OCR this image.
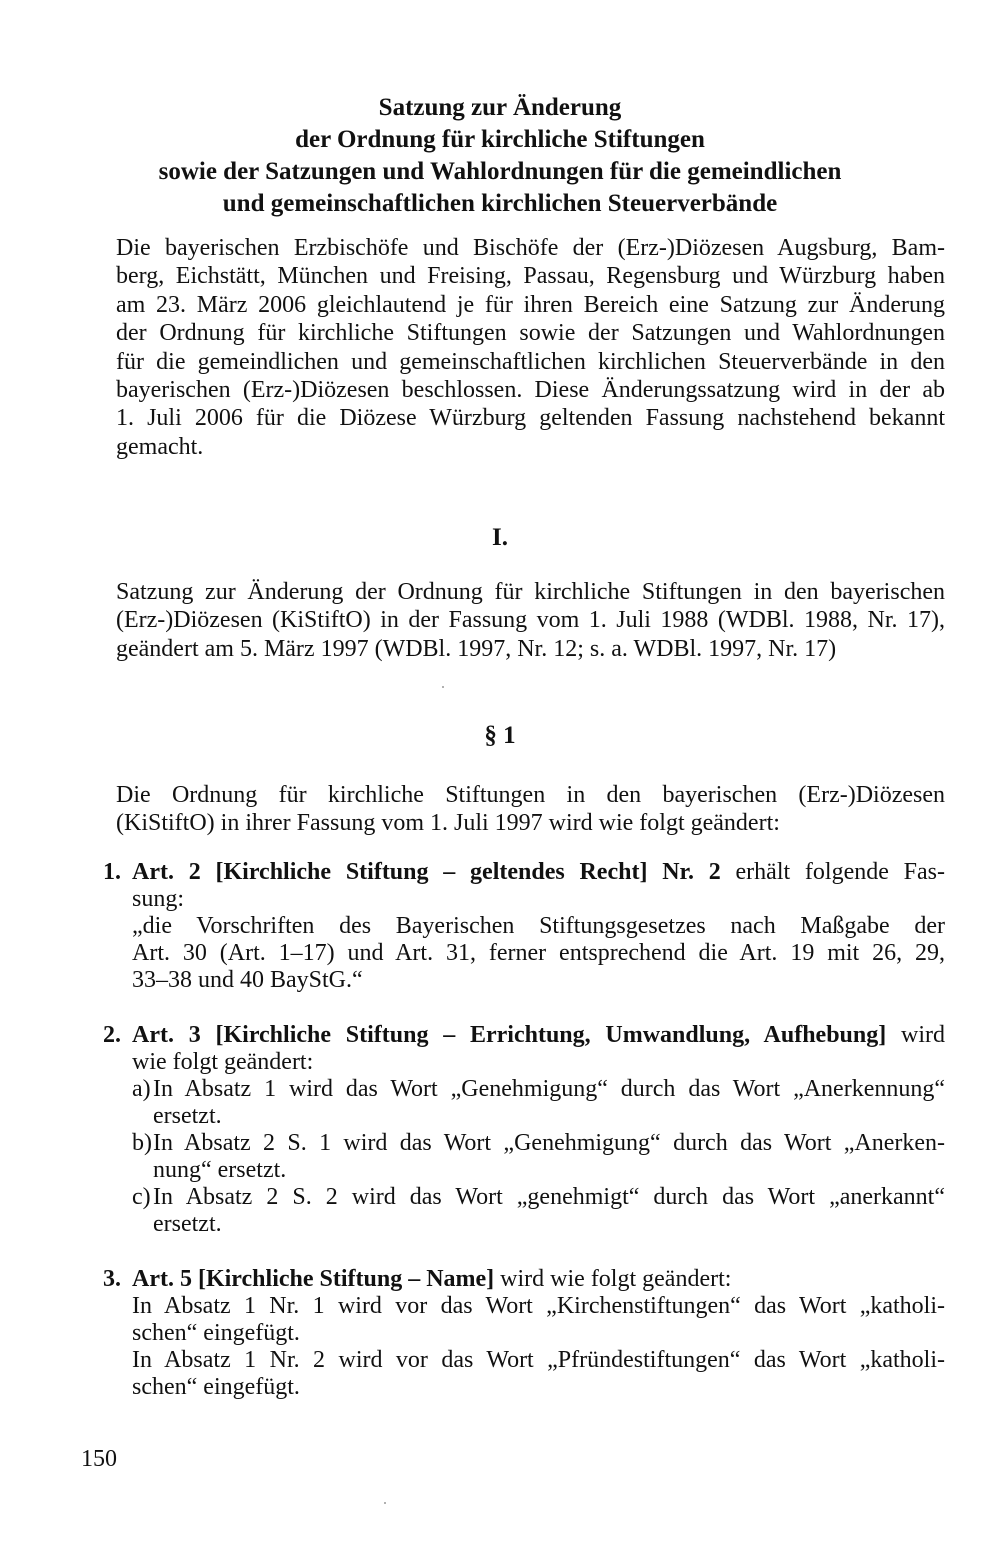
Satzung zur Änderung
der Ordnung für kirchliche Stiftungen
sowie der Satzungen und Wahlordnungen für die gemeindlichen
und gemeinschaftlichen kirchlichen Steuerverbände
Die bayerischen Erzbischöfe und Bischöfe der (Erz-)Diözesen Augsburg, Bam-
berg, Eichstätt, München und Freising, Passau, Regensburg und Würzburg haben
am 23. März 2006 gleichlautend je für ihren Bereich eine Satzung zur Änderung
der Ordnung für kirchliche Stiftungen sowie der Satzungen und Wahlordnungen
für die gemeindlichen und gemeinschaftlichen kirchlichen Steuerverbände in den
bayerischen (Erz-)Diözesen beschlossen. Diese Änderungssatzung wird in der ab
1. Juli 2006 für die Diözese Würzburg geltenden Fassung nachstehend bekannt
gemacht.
I.
Satzung zur Änderung der Ordnung für kirchliche Stiftungen in den bayerischen
(Erz-)Diözesen (KiStiftO) in der Fassung vom 1. Juli 1988 (WDBl. 1988, Nr. 17),
geändert am 5. März 1997 (WDBl. 1997, Nr. 12; s. a. WDBl. 1997, Nr. 17)
§ 1
Die Ordnung für kirchliche Stiftungen in den bayerischen (Erz-)Diözesen
(KiStiftO) in ihrer Fassung vom 1. Juli 1997 wird wie folgt geändert:
1. Art. 2 [Kirchliche Stiftung – geltendes Recht] Nr. 2 erhält folgende Fas-
sung:
„die Vorschriften des Bayerischen Stiftungsgesetzes nach Maßgabe der
Art. 30 (Art. 1–17) und Art. 31, ferner entsprechend die Art. 19 mit 26, 29,
33–38 und 40 BayStG.“
2. Art. 3 [Kirchliche Stiftung – Errichtung, Umwandlung, Aufhebung] wird
wie folgt geändert:
a) In Absatz 1 wird das Wort „Genehmigung“ durch das Wort „Anerkennung“
ersetzt.
b) In Absatz 2 S. 1 wird das Wort „Genehmigung“ durch das Wort „Anerken-
nung“ ersetzt.
c) In Absatz 2 S. 2 wird das Wort „genehmigt“ durch das Wort „anerkannt“
ersetzt.
3. Art. 5 [Kirchliche Stiftung – Name] wird wie folgt geändert:
In Absatz 1 Nr. 1 wird vor das Wort „Kirchenstiftungen“ das Wort „katholi-
schen“ eingefügt.
In Absatz 1 Nr. 2 wird vor das Wort „Pfründestiftungen“ das Wort „katholi-
schen“ eingefügt.
150
